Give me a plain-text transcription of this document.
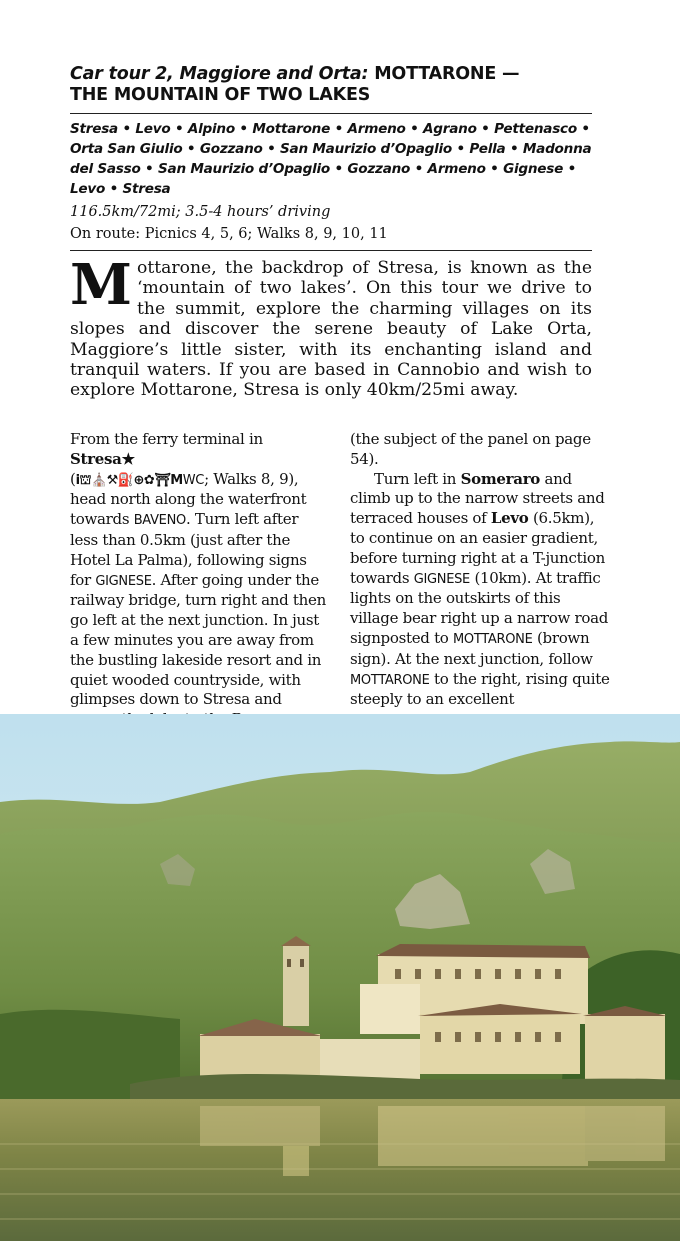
Car tour 2, Maggiore and Orta: MOTTARONE —
THE MOUNTAIN OF TWO LAKES
Stresa • Levo • Alpino • Mottarone • Armeno • Agrano • Pettenasco • Orta San Giulio • Gozzano • San Maurizio d’Opaglio • Pella • Madonna del Sasso • San Maurizio d’Opaglio • Gozzano • Armeno • Gignese • Levo • Stresa
116.5km/72mi; 3.5-4 hours’ driving
On route: Picnics 4, 5, 6; Walks 8, 9, 10, 11
Mottarone, the backdrop of Stresa, is known as the ‘mountain of two lakes’. On this tour we drive to the summit, explore the charming villages on its slopes and discover the serene beauty of Lake Orta, Maggiore’s little sister, with its enchanting island and tranquil waters. If you are based in Cannobio and wish to explore Mottarone, Stresa is only 40km/25mi away.

From the ferry terminal in Stresa★
(i⛫⛪⚒⛽⊕✿⛩MWC; Walks 8, 9), head north along the waterfront towards BAVENO. Turn left after less than 0.5km (just after the Hotel La Palma), following signs for GIGNESE. After going under the railway bridge, turn right and then go left at the next junction. In just a few minutes you are away from the bustling lakeside resort and in quiet wooded countryside, with glimpses down to Stresa and

(the subject of the panel on page 54).

Turn left in Someraro and climb up to the narrow streets and terraced houses of Levo (6.5km), to continue on an easier gradient, before turning right at a T-junction towards GIGNESE (10km). At traffic lights on the outskirts of this village bear right up a narrow road signposted to MOTTARONE (brown sign). At the next junction, follow MOTTARONE to the right, rising quite steeply to an excellent
